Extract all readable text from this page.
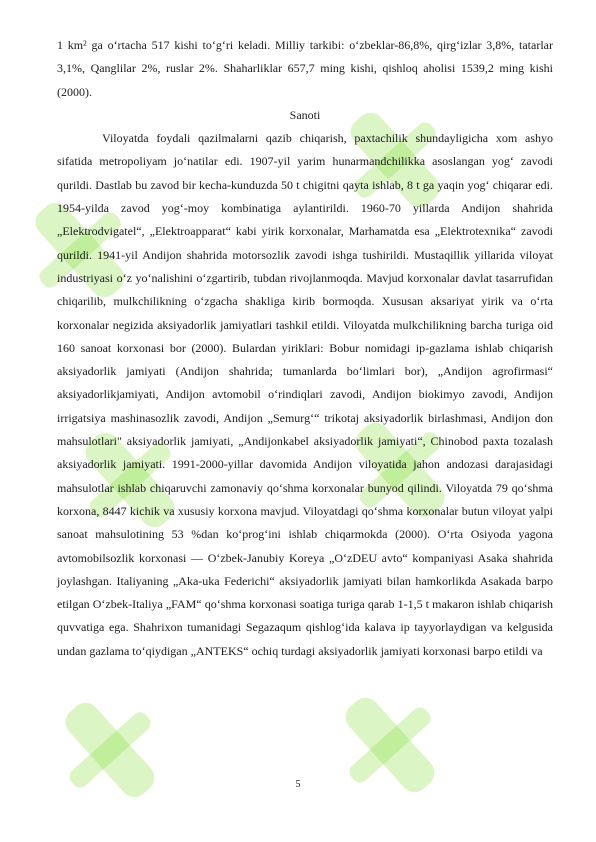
1 km² ga oʻrtacha 517 kishi toʻgʻri keladi. Milliy tarkibi: oʻzbeklar-86,8%, qirgʻizlar 3,8%, tatarlar 3,1%, Qanglilar 2%, ruslar 2%. Shaharliklar 657,7 ming kishi, qishloq aholisi 1539,2 ming kishi (2000).

Sanoti

Viloyatda foydali qazilmalarni qazib chiqarish, paxtachilik shundayligicha xom ashyo sifatida metropoliyam joʻnatilar edi. 1907-yil yarim hunarmandchilikka asoslangan yogʻ zavodi qurildi. Dastlab bu zavod bir kecha-kunduzda 50 t chigitni qayta ishlab, 8 t ga yaqin yogʻ chiqarar edi. 1954-yilda zavod yogʻ-moy kombinatiga aylantirildi. 1960-70 yillarda Andijon shahrida „Elektrodvigatel“, „Elektroapparat“ kabi yirik korxonalar, Marhamatda esa „Elektrotexnika“ zavodi qurildi. 1941-yil Andijon shahrida motorsozlik zavodi ishga tushirildi. Mustaqillik yillarida viloyat industriyasi oʻz yoʻnalishini oʻzgartirib, tubdan rivojlanmoqda. Mavjud korxonalar davlat tasarrufidan chiqarilib, mulkchilikning oʻzgacha shakliga kirib bormoqda. Xususan aksariyat yirik va oʻrta korxonalar negizida aksiyadorlik jamiyatlari tashkil etildi. Viloyatda mulkchilikning barcha turiga oid 160 sanoat korxonasi bor (2000). Bulardan yiriklari: Bobur nomidagi ip-gazlama ishlab chiqarish aksiyadorlik jamiyati (Andijon shahrida; tumanlarda boʻlimlari bor), „Andijon agrofirmasi“ aksiyadorlikjamiyati, Andijon avtomobil oʻrindiqlari zavodi, Andijon biokimyo zavodi, Andijon irrigatsiya mashinasozlik zavodi, Andijon „Semurgʻ“ trikotaj aksiyadorlik birlashmasi, Andijon don mahsulotlari" aksiyadorlik jamiyati, „Andijonkabel aksiyadorlik jamiyati“, Chinobod paxta tozalash aksiyadorlik jamiyati. 1991-2000-yillar davomida Andijon viloyatida jahon andozasi darajasidagi mahsulotlar ishlab chiqaruvchi zamonaviy qoʻshma korxonalar bunyod qilindi. Viloyatda 79 qoʻshma korxona, 8447 kichik va xususiy korxona mavjud. Viloyatdagi qoʻshma korxonalar butun viloyat yalpi sanoat mahsulotining 53 %dan koʻprogʻini ishlab chiqarmokda (2000). Oʻrta Osiyoda yagona avtomobilsozlik korxonasi — Oʻzbek-Janubiy Koreya „OʻzDEU avto“ kompaniyasi Asaka shahrida joylashgan. Italiyaning „Aka-uka Federichi“ aksiyadorlik jamiyati bilan hamkorlikda Asakada barpo etilgan Oʻzbek-Italiya „FAM“ qoʻshma korxonasi soatiga turiga qarab 1-1,5 t makaron ishlab chiqarish quvvatiga ega. Shahrixon tumanidagi Segazaqum qishlogʻida kalava ip tayyorlaydigan va kelgusida undan gazlama toʻqiydigan „ANTEKS“ ochiq turdagi aksiyadorlik jamiyati korxonasi barpo etildi va

5
